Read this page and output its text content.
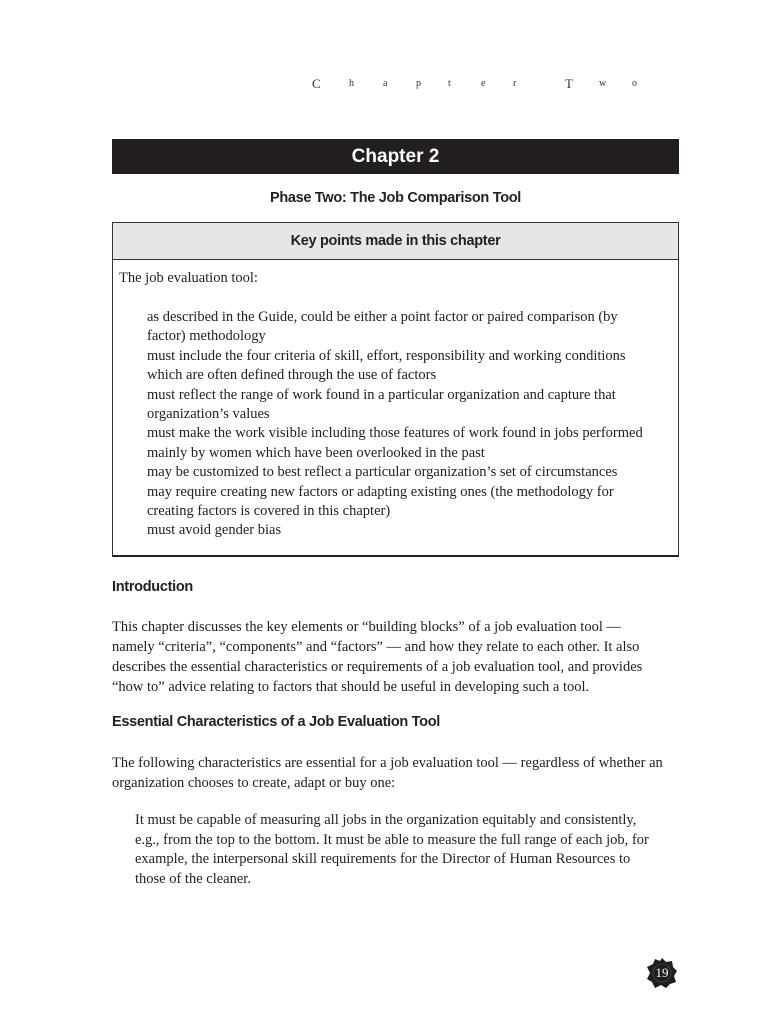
C	h	a	p	t	e	r	T	w	o
Chapter 2
Phase Two: The Job Comparison Tool
Key points made in this chapter
The job evaluation tool:
as described in the Guide, could be either a point factor or paired comparison (by
factor) methodology
must include the four criteria of skill, effort, responsibility and working conditions
which are often defined through the use of factors
must reflect the range of work found in a particular organization and capture that
organization’s values
must make the work visible including those features of work found in jobs performed
mainly by women which have been overlooked in the past
may be customized to best reflect a particular organization’s set of circumstances
may require creating new factors or adapting existing ones (the methodology for
creating factors is covered in this chapter)
must avoid gender bias
Introduction
This chapter discusses the key elements or “building blocks” of a job evaluation tool —
namely “criteria”, “components” and “factors” — and how they relate to each other. It also
describes the essential characteristics or requirements of a job evaluation tool, and provides
“how to” advice relating to factors that should be useful in developing such a tool.
Essential Characteristics of a Job Evaluation Tool
The following characteristics are essential for a job evaluation tool — regardless of whether an
organization chooses to create, adapt or buy one:
It must be capable of measuring all jobs in the organization equitably and consistently,
e.g., from the top to the bottom. It must be able to measure the full range of each job, for
example, the interpersonal skill requirements for the Director of Human Resources to
those of the cleaner.
19
